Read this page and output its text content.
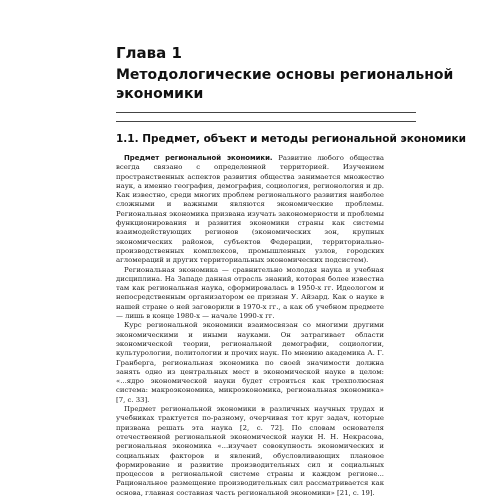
Глава 1
Методологические основы региональной экономики
1.1. Предмет, объект и методы региональной экономики

Предмет региональной экономики. Развитие любого общества всегда связано с определенной территорией. Изучением пространственных аспектов развития общества занимается множество наук, а именно география, демография, социология, регионология и др. Как известно, среди многих проблем регионального развития наиболее сложными и важными являются экономические проблемы. Региональная экономика призвана изучать закономерности и проблемы функционирования и развития экономики страны как системы взаимодействующих регионов (экономических зон, крупных экономических районов, субъектов Федерации, территориально-производственных комплексов, промышленных узлов, городских агломераций и других территориальных экономических подсистем).

Региональная экономика — сравнительно молодая наука и учебная дисциплина. На Западе данная отрасль знаний, которая более известна там как региональная наука, сформировалась в 1950-х гг. Идеологом и непосредственным организатором ее признан У. Айзард. Как о науке в нашей стране о ней заговорили в 1970-х гг., а как об учебном предмете — лишь в конце 1980-х — начале 1990-х гг.

Курс региональной экономики взаимосвязан со многими другими экономическими и иными науками. Он затрагивает области экономической теории, региональной демографии, социологии, культурологии, политологии и прочих наук. По мнению академика А. Г. Гранберга, региональная экономика по своей значимости должна занять одно из центральных мест в экономической науке в целом: «...ядро экономической науки будет строиться как трехполюсная система: макроэкономика, микроэкономика, региональная экономика» [7, с. 33].

Предмет региональной экономики в различных научных трудах и учебниках трактуется по-разному, очерчивая тот круг задач, которые призвана решать эта наука [2, с. 72]. По словам основателя отечественной региональной экономической науки Н. Н. Некрасова, региональная экономика «...изучает совокупность экономических и социальных факторов и явлений, обусловливающих плановое формирование и развитие производительных сил и социальных процессов в региональной системе страны и каждом регионе... Рациональное размещение производительных сил рассматривается как основа, главная составная часть региональной экономики» [21, с. 19].
